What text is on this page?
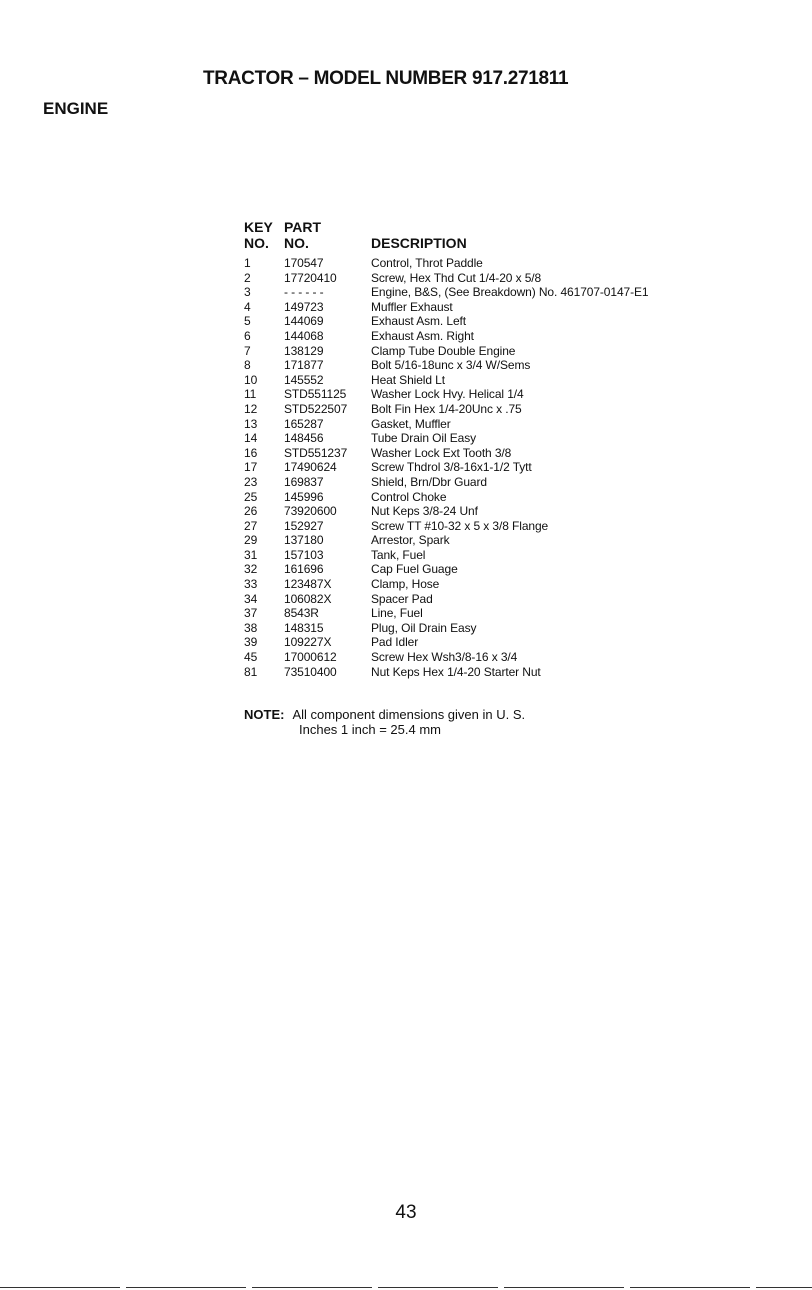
TRACTOR – MODEL NUMBER 917.271811
ENGINE
KEY PART
NO.	NO.	DESCRIPTION
1	170547	Control, Throt Paddle
2	17720410	Screw, Hex Thd Cut 1/4-20 x 5/8
3	- - - - - -	Engine, B&S, (See Breakdown) No. 461707-0147-E1
4	149723	Muffler Exhaust
5	144069	Exhaust Asm. Left
6	144068	Exhaust Asm. Right
7	138129	Clamp Tube Double Engine
8	171877	Bolt 5/16-18unc x 3/4 W/Sems
10	145552	Heat Shield Lt
11	STD551125	Washer Lock Hvy. Helical 1/4
12	STD522507	Bolt Fin Hex 1/4-20Unc x .75
13	165287	Gasket, Muffler
14	148456	Tube Drain Oil Easy
16	STD551237	Washer Lock Ext Tooth 3/8
17	17490624	Screw Thdrol 3/8-16x1-1/2 Tytt
23	169837	Shield, Brn/Dbr Guard
25	145996	Control Choke
26	73920600	Nut Keps 3/8-24 Unf
27	152927	Screw TT #10-32 x 5 x 3/8 Flange
29	137180	Arrestor, Spark
31	157103	Tank, Fuel
32	161696	Cap Fuel Guage
33	123487X	Clamp, Hose
34	106082X	Spacer Pad
37	8543R	Line, Fuel
38	148315	Plug, Oil Drain Easy
39	109227X	Pad Idler
45	17000612	Screw Hex Wsh3/8-16 x 3/4
81	73510400	Nut Keps Hex 1/4-20 Starter Nut
NOTE: All component dimensions given in U. S.
Inches 1 inch = 25.4 mm
43
